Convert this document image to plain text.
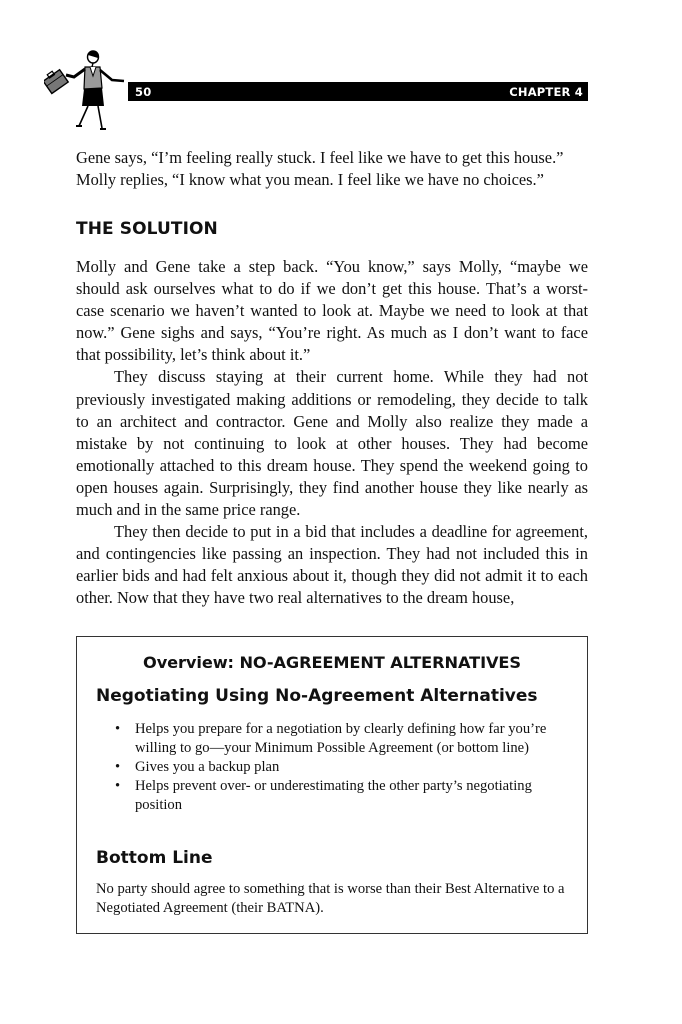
50	CHAPTER 4

Gene says, “I’m feeling really stuck. I feel like we have to get this house.” Molly replies, “I know what you mean. I feel like we have no choices.”

THE SOLUTION

Molly and Gene take a step back. “You know,” says Molly, “maybe we should ask ourselves what to do if we don’t get this house. That’s a worst-case scenario we haven’t wanted to look at. Maybe we need to look at that now.” Gene sighs and says, “You’re right. As much as I don’t want to face that possibility, let’s think about it.”

They discuss staying at their current home. While they had not previously investigated making additions or remodeling, they decide to talk to an architect and contractor. Gene and Molly also realize they made a mistake by not continuing to look at other houses. They had become emotionally attached to this dream house. They spend the weekend going to open houses again. Surprisingly, they find another house they like nearly as much and in the same price range.

They then decide to put in a bid that includes a deadline for agreement, and contingencies like passing an inspection. They had not included this in earlier bids and had felt anxious about it, though they did not admit it to each other. Now that they have two real alternatives to the dream house,

Overview: NO-AGREEMENT ALTERNATIVES
Negotiating Using No-Agreement Alternatives
• Helps you prepare for a negotiation by clearly defining how far you’re willing to go—your Minimum Possible Agreement (or bottom line)
• Gives you a backup plan
• Helps prevent over- or underestimating the other party’s negotiating position
Bottom Line

No party should agree to something that is worse than their Best Alternative to a Negotiated Agreement (their BATNA).
